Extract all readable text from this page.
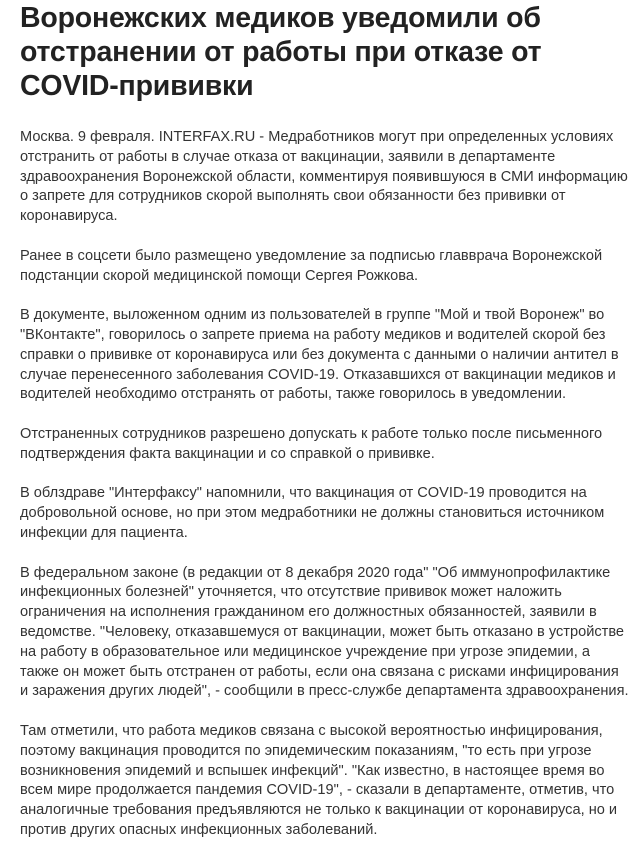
Воронежских медиков уведомили об отстранении от работы при отказе от COVID-прививки

Москва. 9 февраля. INTERFAX.RU - Медработников могут при определенных условиях отстранить от работы в случае отказа от вакцинации, заявили в департаменте здравоохранения Воронежской области, комментируя появившуюся в СМИ информацию о запрете для сотрудников скорой выполнять свои обязанности без прививки от коронавируса.

Ранее в соцсети было размещено уведомление за подписью главврача Воронежской подстанции скорой медицинской помощи Сергея Рожкова.

В документе, выложенном одним из пользователей в группе "Мой и твой Воронеж" во "ВКонтакте", говорилось о запрете приема на работу медиков и водителей скорой без справки о прививке от коронавируса или без документа с данными о наличии антител в случае перенесенного заболевания COVID-19. Отказавшихся от вакцинации медиков и водителей необходимо отстранять от работы, также говорилось в уведомлении.

Отстраненных сотрудников разрешено допускать к работе только после письменного подтверждения факта вакцинации и со справкой о прививке.

В облздраве "Интерфаксу" напомнили, что вакцинация от COVID-19 проводится на добровольной основе, но при этом медработники не должны становиться источником инфекции для пациента.

В федеральном законе (в редакции от 8 декабря 2020 года" "Об иммунопрофилактике инфекционных болезней" уточняется, что отсутствие прививок может наложить ограничения на исполнения гражданином его должностных обязанностей, заявили в ведомстве. "Человеку, отказавшемуся от вакцинации, может быть отказано в устройстве на работу в образовательное или медицинское учреждение при угрозе эпидемии, а также он может быть отстранен от работы, если она связана с рисками инфицирования и заражения других людей", - сообщили в пресс-службе департамента здравоохранения.

Там отметили, что работа медиков связана с высокой вероятностью инфицирования, поэтому вакцинация проводится по эпидемическим показаниям, "то есть при угрозе возникновения эпидемий и вспышек инфекций". "Как известно, в настоящее время во всем мире продолжается пандемия COVID-19", - сказали в департаменте, отметив, что аналогичные требования предъявляются не только к вакцинации от коронавируса, но и против других опасных инфекционных заболеваний.
